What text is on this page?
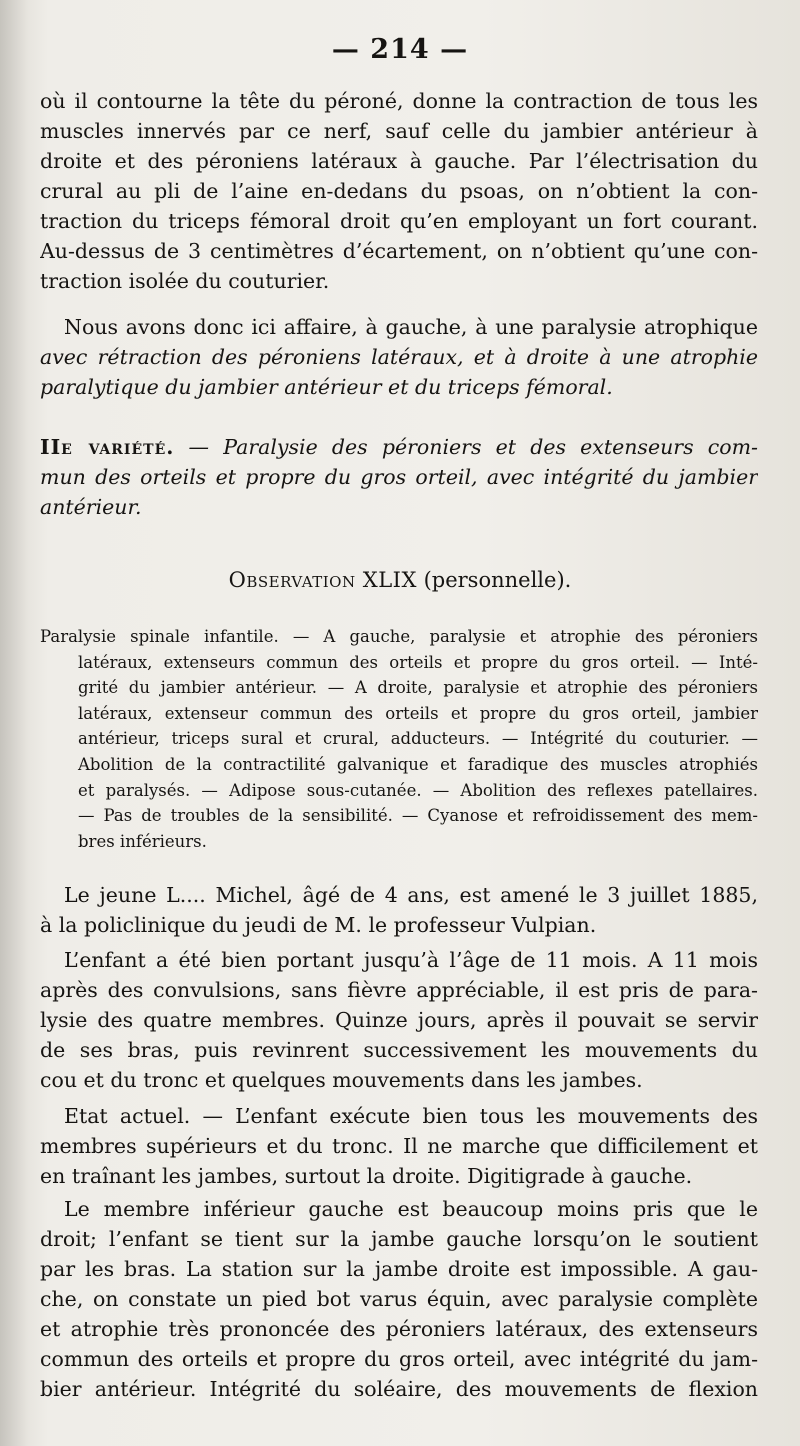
— 214 —
où il contourne la tête du péroné, donne la contraction de tous les
muscles innervés par ce nerf, sauf celle du jambier antérieur à
droite et des péroniens latéraux à gauche. Par l’électrisation du
crural au pli de l’aine en-dedans du psoas, on n’obtient la con-
traction du triceps fémoral droit qu’en employant un fort courant.
Au-dessus de 3 centimètres d’écartement, on n’obtient qu’une con-
traction isolée du couturier.
Nous avons donc ici affaire, à gauche, à une paralysie atrophique
avec rétraction des péroniens latéraux, et à droite à une atrophie
paralytique du jambier antérieur et du triceps fémoral.
IIe variété. — Paralysie des péroniers et des extenseurs com-
mun des orteils et propre du gros orteil, avec intégrité du jambier
antérieur.
Observation XLIX (personnelle).
Paralysie spinale infantile. — A gauche, paralysie et atrophie des péroniers
latéraux, extenseurs commun des orteils et propre du gros orteil. — Inté-
grité du jambier antérieur. — A droite, paralysie et atrophie des péroniers
latéraux, extenseur commun des orteils et propre du gros orteil, jambier
antérieur, triceps sural et crural, adducteurs. — Intégrité du couturier. —
Abolition de la contractilité galvanique et faradique des muscles atrophiés
et paralysés. — Adipose sous-cutanée. — Abolition des reflexes patellaires.
— Pas de troubles de la sensibilité. — Cyanose et refroidissement des mem-
bres inférieurs.
Le jeune L.... Michel, âgé de 4 ans, est amené le 3 juillet 1885,
à la policlinique du jeudi de M. le professeur Vulpian.
L’enfant a été bien portant jusqu’à l’âge de 11 mois. A 11 mois
après des convulsions, sans fièvre appréciable, il est pris de para-
lysie des quatre membres. Quinze jours, après il pouvait se servir
de ses bras, puis revinrent successivement les mouvements du
cou et du tronc et quelques mouvements dans les jambes.
Etat actuel. — L’enfant exécute bien tous les mouvements des
membres supérieurs et du tronc. Il ne marche que difficilement et
en traînant les jambes, surtout la droite. Digitigrade à gauche.
Le membre inférieur gauche est beaucoup moins pris que le
droit; l’enfant se tient sur la jambe gauche lorsqu’on le soutient
par les bras. La station sur la jambe droite est impossible. A gau-
che, on constate un pied bot varus équin, avec paralysie complète
et atrophie très prononcée des péroniers latéraux, des extenseurs
commun des orteils et propre du gros orteil, avec intégrité du jam-
bier antérieur. Intégrité du soléaire, des mouvements de flexion
